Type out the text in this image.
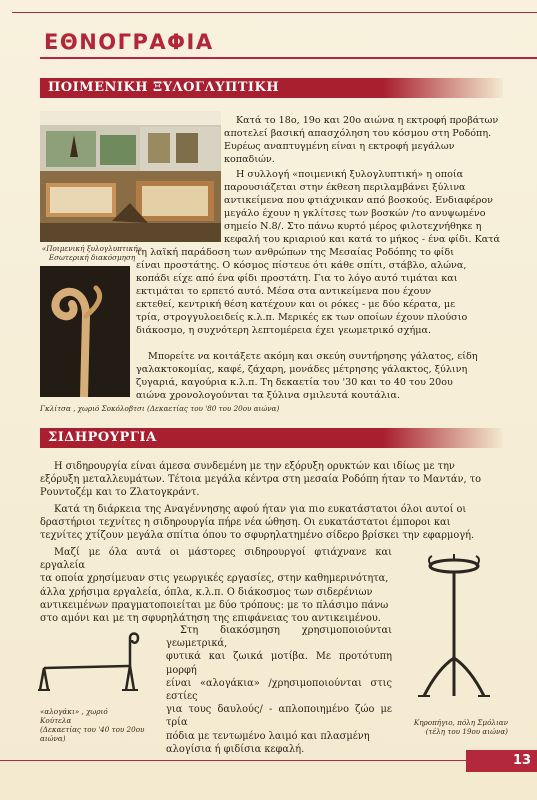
ΕΘΝΟΓΡΑΦΙΑ
ΠΟΙΜΕΝΙΚΗ ΞΥΛΟΓΛΥΠΤΙΚΗ
«Ποιμενική ξυλογλυπτική»
Εσωτερική διακόσμηση
Γκλίτσα , χωριό Σοκόλοβτσι (Δεκαετίας του '80 του 20ου αιώνα)
Κατά το 18ο, 19ο και 20ο αιώνα η εκτροφή προβάτων
αποτελεί βασική απασχόληση του κόσμου στη Ροδόπη.
Ευρέως αναπτυγμένη είναι η εκτροφή μεγάλων
κοπαδιών.
Η συλλογή «ποιμενική ξυλογλυπτική» η οποία
παρουσιάζεται στην έκθεση περιλαμβάνει ξύλινα
αντικείμενα που φτιάχνικαν από βοσκούς. Ενδιαφέρον
μεγάλο έχουν η γκλίτσες των βοσκών /το ανυψωμένο
σημείο Ν.8/. Στο πάνω κυρτό μέρος φιλοτεχνήθηκε η
κεφαλή του κριαριού και κατά το μήκος - ένα φίδι. Κατά
τη λαϊκή παράδοση των ανθρώπων της Μεσαίας Ροδόπης το φίδι
είναι προστάτης. Ο κόσμος πίστευε ότι κάθε σπίτι, στάβλο, αλώνα,
κοπάδι είχε από ένα φίδι προστάτη. Για το λόγο αυτό τιμάται και
εκτιμάται το ερπετό αυτό. Μέσα στα αντικείμενα που έχουν
εκτεθεί, κεντρική θέση κατέχουν και οι ρόκες - με δύο κέρατα, με
τρία, στρογγυλοειδείς κ.λ.π. Μερικές εκ των οποίων έχουν πλούσιο
διάκοσμο, η συχνότερη λεπτομέρεια έχει γεωμετρικό σχήμα.
Μπορείτε να κοιτάξετε ακόμη και σκεύη συντήρησης γάλατος, είδη
γαλακτοκομίας, καφέ, ζάχαρη, μονάδες μέτρησης γάλακτος, ξύλινη
ζυγαριά, καγούρια κ.λ.π. Τη δεκαετία του '30 και το 40 του 20ου
αιώνα χρονολογούνται τα ξύλινα σμιλευτά κουτάλια.
ΣΙΔΗΡΟΥΡΓΙΑ
Η σιδηρουργία είναι άμεσα συνδεμένη με την εξόρυξη ορυκτών και ιδίως με την
εξόρυξη μεταλλευμάτων. Τέτοια μεγάλα κέντρα στη μεσαία Ροδόπη ήταν το Μαντάν, το
Ρουντοζέμ και το Ζλατογκράντ.
Κατά τη διάρκεια της Αναγέννησης αφού ήταν για πιο ευκατάστατοι όλοι αυτοί οι
δραστήριοι τεχνίτες η σιδηρουργία πήρε νέα ώθηση. Οι ευκατάστατοι έμποροι και
τεχνίτες χτίζουν μεγάλα σπίτια όπου το σφυρηλατημένο σίδερο βρίσκει την εφαρμογή.
Μαζί με όλα αυτά οι μάστορες σιδηρουργοί φτιάχνανε και εργαλεία
τα οποία χρησίμευαν στις γεωργικές εργασίες, στην καθημερινότητα,
άλλα χρήσιμα εργαλεία, όπλα, κ.λ.π. Ο διάκοσμος των σιδερένιων
αντικειμένων πραγματοποιείται με δύο τρόπους: με το πλάσιμο πάνω
στο αμόνι και με τη σφυρηλάτηση της επιφάνειας του αντικειμένου.
Στη διακόσμηση χρησιμοποιούνται γεωμετρικά,
φυτικά και ζωικά μοτίβα. Με προτότυπη μορφή
είναι «αλογάκια» /χρησιμοποιούνται στις εστίες
για τους δαυλούς/ - απλοποιημένο ζώο με τρία
πόδια με τεντωμένο λαιμό και πλασμένη
αλογίσια ή φιδίσια κεφαλή.
«αλογάκι» , χωριό
Κούτελα
(Δεκαετίας του '40 του 20ου αιώνα)
Κηροπήγιο, πόλη Σμόλιαν
(τέλη του 19ου αιώνα)
13
